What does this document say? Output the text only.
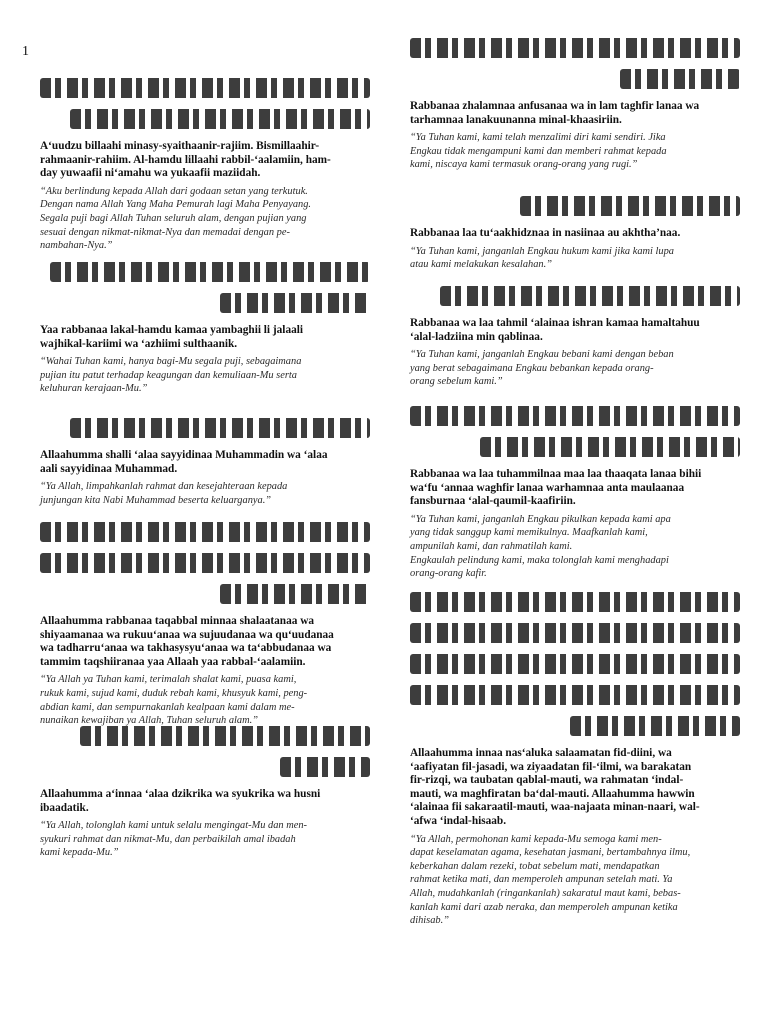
1
A‘uudzu billaahi minasy-syaithaanir-rajiim. Bismillaahir-
rahmaanir-rahiim. Al-hamdu lillaahi rabbil-‘aalamiin, ham-
day yuwaafii ni‘amahu wa yukaafii maziidah.
“Aku berlindung kepada Allah dari godaan setan yang terkutuk.
Dengan nama Allah Yang Maha Pemurah lagi Maha Penyayang.
Segala puji bagi Allah Tuhan seluruh alam, dengan pujian yang
sesuai dengan nikmat-nikmat-Nya dan memadai dengan pe-
nambahan-Nya.”
Yaa rabbanaa lakal-hamdu kamaa yambaghii li jalaali
wajhikal-kariimi wa ‘azhiimi sulthaanik.
“Wahai Tuhan kami, hanya bagi-Mu segala puji, sebagaimana
pujian itu patut terhadap keagungan dan kemuliaan-Mu serta
keluhuran kerajaan-Mu.”
Allaahumma shalli ‘alaa sayyidinaa Muhammadin wa ‘alaa
aali sayyidinaa Muhammad.
“Ya Allah, limpahkanlah rahmat dan kesejahteraan kepada
junjungan kita Nabi Muhammad beserta keluarganya.”
Allaahumma rabbanaa taqabbal minnaa shalaatanaa wa
shiyaamanaa wa rukuu‘anaa wa sujuudanaa wa qu‘uudanaa
wa tadharru‘anaa wa takhasysyu‘anaa wa ta‘abbudanaa wa
tammim taqshiiranaa yaa Allaah yaa rabbal-‘aalamiin.
“Ya Allah ya Tuhan kami, terimalah shalat kami, puasa kami,
rukuk kami, sujud kami, duduk rebah kami, khusyuk kami, peng-
abdian kami, dan sempurnakanlah kealpaan kami dalam me-
nunaikan kewajiban ya Allah, Tuhan seluruh alam.”
Allaahumma a‘innaa ‘alaa dzikrika wa syukrika wa husni
ibaadatik.
“Ya Allah, tolonglah kami untuk selalu mengingat-Mu dan men-
syukuri rahmat dan nikmat-Mu, dan perbaikilah amal ibadah
kami kepada-Mu.”
Rabbanaa zhalamnaa anfusanaa wa in lam taghfir lanaa wa
tarhamnaa lanakuunanna minal-khaasiriin.
“Ya Tuhan kami, kami telah menzalimi diri kami sendiri. Jika
Engkau tidak mengampuni kami dan memberi rahmat kepada
kami, niscaya kami termasuk orang-orang yang rugi.”
Rabbanaa laa tu‘aakhidznaa in nasiinaa au akhtha’naa.
“Ya Tuhan kami, janganlah Engkau hukum kami jika kami lupa
atau kami melakukan kesalahan.”
Rabbanaa wa laa tahmil ‘alainaa ishran kamaa hamaltahuu
‘alal-ladziina min qablinaa.
“Ya Tuhan kami, janganlah Engkau bebani kami dengan beban
yang berat sebagaimana Engkau bebankan kepada orang-
orang sebelum kami.”
Rabbanaa wa laa tuhammilnaa maa laa thaaqata lanaa bihii
wa‘fu ‘annaa waghfir lanaa warhamnaa anta maulaanaa
fansburnaa ‘alal-qaumil-kaafiriin.
“Ya Tuhan kami, janganlah Engkau pikulkan kepada kami apa
yang tidak sanggup kami memikulnya. Maafkanlah kami,
ampunilah kami, dan rahmatilah kami.
Engkaulah pelindung kami, maka tolonglah kami menghadapi
orang-orang kafir.
Allaahumma innaa nas‘aluka salaamatan fid-diini, wa
‘aafiyatan fil-jasadi, wa ziyaadatan fil-‘ilmi, wa barakatan
fir-rizqi, wa taubatan qablal-mauti, wa rahmatan ‘indal-
mauti, wa maghfiratan ba‘dal-mauti. Allaahumma hawwin
‘alainaa fii sakaraatil-mauti, waa-najaata minan-naari, wal-
‘afwa ‘indal-hisaab.
“Ya Allah, permohonan kami kepada-Mu semoga kami men-
dapat keselamatan agama, kesehatan jasmani, bertambahnya ilmu,
keberkahan dalam rezeki, tobat sebelum mati, mendapatkan
rahmat ketika mati, dan memperoleh ampunan setelah mati. Ya
Allah, mudahkanlah (ringankanlah) sakaratul maut kami, bebas-
kanlah kami dari azab neraka, dan memperoleh ampunan ketika
dihisab.”
